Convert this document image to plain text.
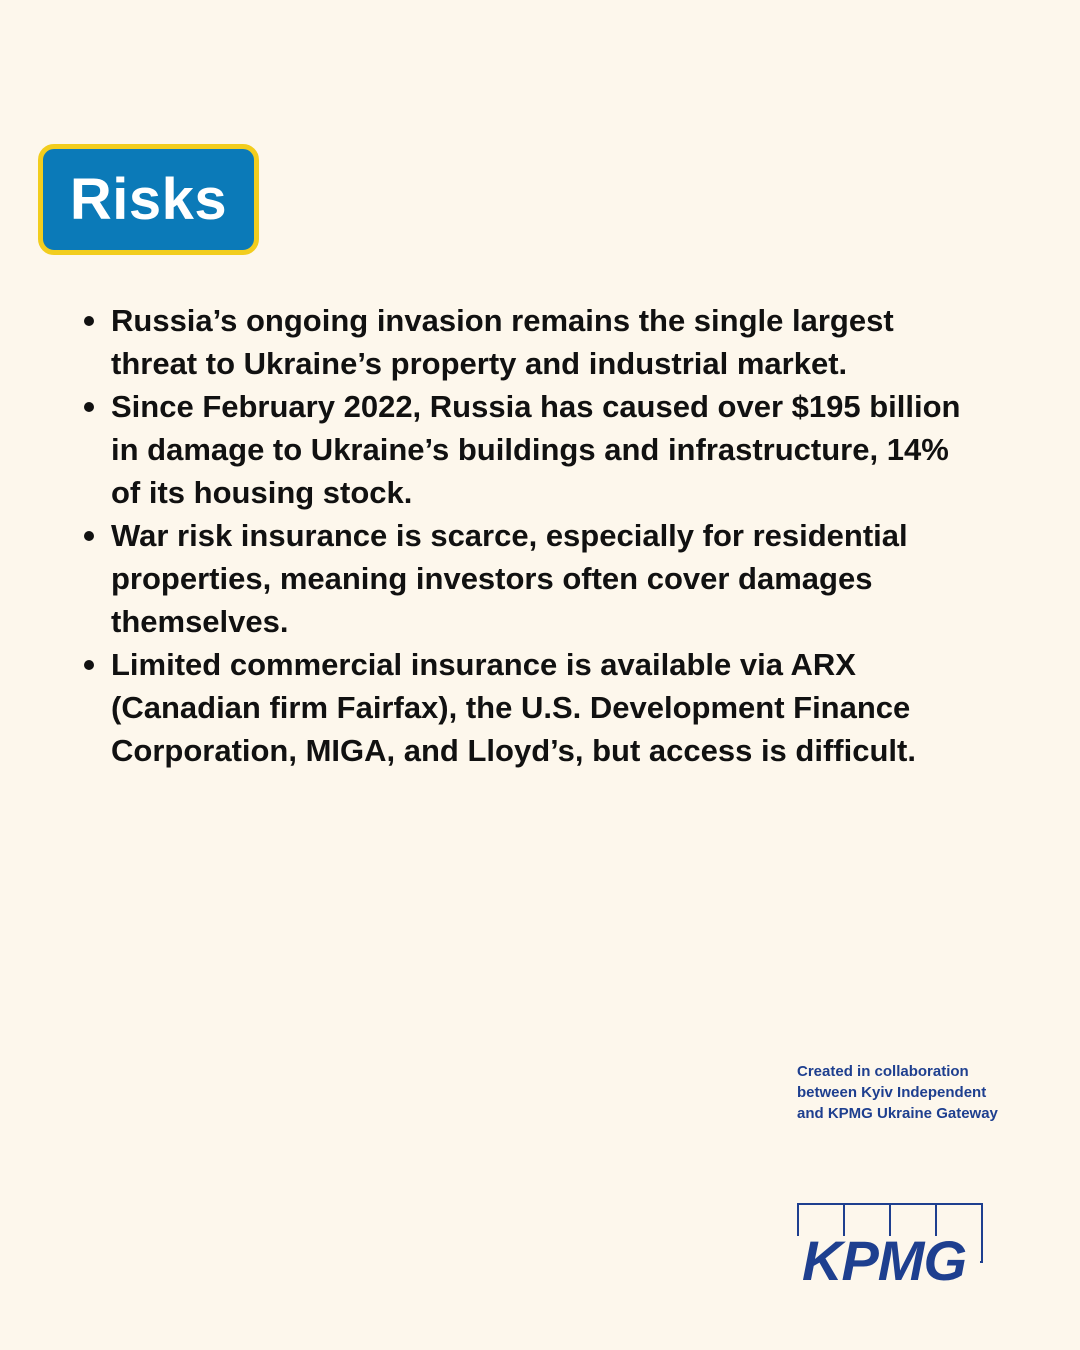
Risks
Russia’s ongoing invasion remains the single largest threat to Ukraine’s property and industrial market.
Since February 2022, Russia has caused over $195 billion in damage to Ukraine’s buildings and infrastructure, 14% of its housing stock.
War risk insurance is scarce, especially for residential properties, meaning investors often cover damages themselves.
Limited commercial insurance is available via ARX (Canadian firm Fairfax), the U.S. Development Finance Corporation, MIGA, and Lloyd’s, but access is difficult.
Created in collaboration
between Kyiv Independent
and KPMG Ukraine Gateway
KPMG
